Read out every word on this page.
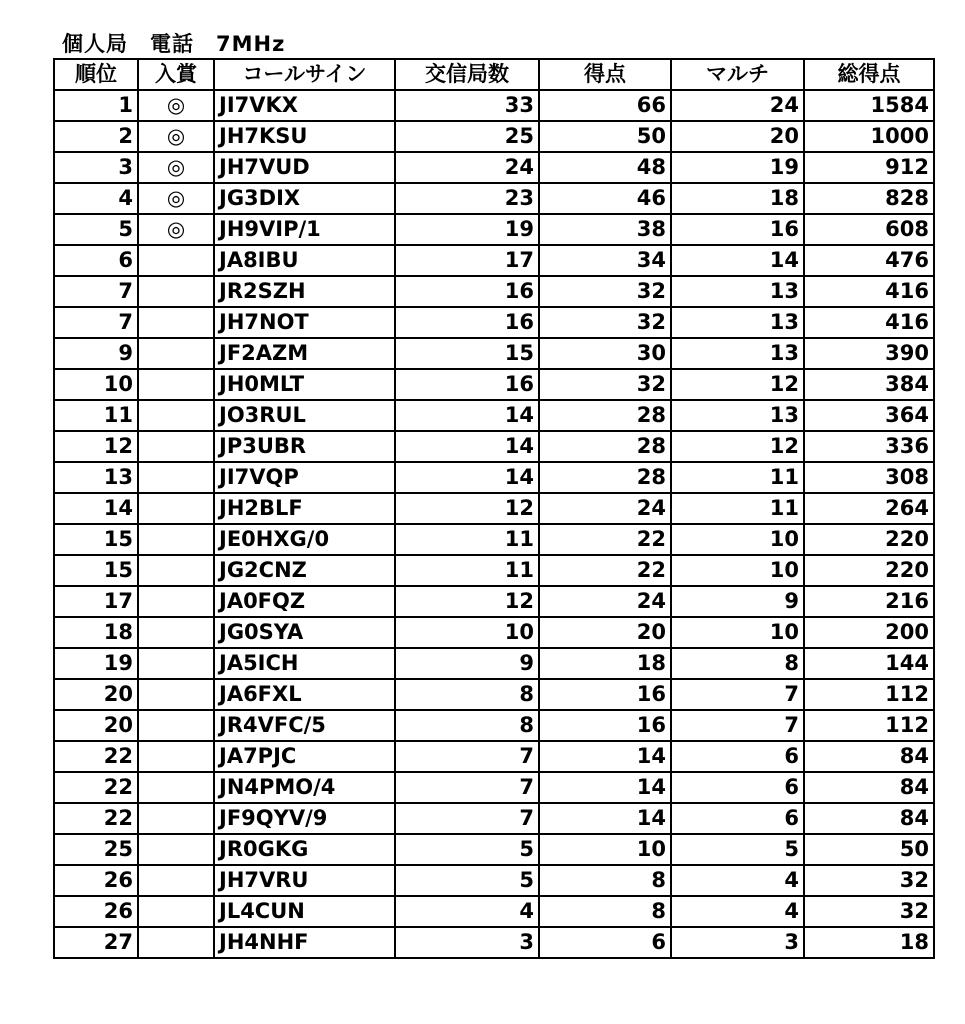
個人局　電話　7MHz
順位	入賞	コールサイン	交信局数	得点	マルチ	総得点
1	◎	JI7VKX	33	66	24	1584
2	◎	JH7KSU	25	50	20	1000
3	◎	JH7VUD	24	48	19	912
4	◎	JG3DIX	23	46	18	828
5	◎	JH9VIP/1	19	38	16	608
6		JA8IBU	17	34	14	476
7		JR2SZH	16	32	13	416
7		JH7NOT	16	32	13	416
9		JF2AZM	15	30	13	390
10		JH0MLT	16	32	12	384
11		JO3RUL	14	28	13	364
12		JP3UBR	14	28	12	336
13		JI7VQP	14	28	11	308
14		JH2BLF	12	24	11	264
15		JE0HXG/0	11	22	10	220
15		JG2CNZ	11	22	10	220
17		JA0FQZ	12	24	9	216
18		JG0SYA	10	20	10	200
19		JA5ICH	9	18	8	144
20		JA6FXL	8	16	7	112
20		JR4VFC/5	8	16	7	112
22		JA7PJC	7	14	6	84
22		JN4PMO/4	7	14	6	84
22		JF9QYV/9	7	14	6	84
25		JR0GKG	5	10	5	50
26		JH7VRU	5	8	4	32
26		JL4CUN	4	8	4	32
27		JH4NHF	3	6	3	18
